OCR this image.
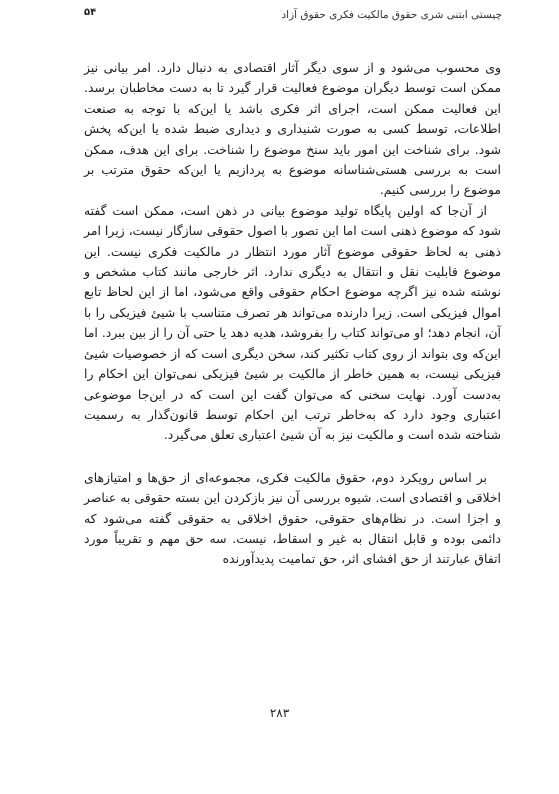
۵۴	چیستی ابتنی شری حقوق مالکیت فکری حقوق آزاد

وی محسوب می‌شود و از سوی دیگر آثار اقتصادی به دنبال دارد. امر بیانی نیز ممکن است توسط دیگران موضوع فعالیت قرار گیرد تا به دست مخاطبان برسد. این فعالیت ممکن است، اجرای اثر فکری باشد یا این‌که با توجه به صنعت اطلاعات، توسط کسی به صورت شنیداری و دیداری ضبط شده یا این‌که پخش شود. برای شناخت این امور باید سنخ موضوع را شناخت. برای این هدف، ممکن است به بررسی هستی‌شناسانه موضوع به پردازیم یا این‌که حقوق مترتب بر موضوع را بررسی کنیم.

از آن‌جا که اولین پایگاه تولید موضوع بیانی در ذهن است، ممکن است گفته شود که موضوع ذهنی است اما این تصور با اصول حقوقی سازگار نیست، زیرا امر ذهنی به لحاظ حقوقی موضوع آثار مورد انتظار در مالکیت فکری نیست. این موضوع قابلیت نقل و انتقال به دیگری ندارد. اثر خارجی مانند کتاب مشخص و نوشته شده نیز اگرچه موضوع احکام حقوقی واقع می‌شود، اما از این لحاظ تابع اموال فیزیکی است. زیرا دارنده می‌تواند هر تصرف متناسب با شیئ فیزیکی را با آن، انجام دهد؛ او می‌تواند کتاب را بفروشد، هدیه دهد یا حتی آن را از بین ببرد. اما این‌که وی بتواند از روی کتاب تکثیر کند، سخن دیگری است که از خصوصیات شیئ فیزیکی نیست، به همین خاطر از مالکیت بر شیئ فیزیکی نمی‌توان این احکام را به‌دست آورد. نهایت سخنی که می‌توان گفت این است که در این‌جا موضوعی اعتباری وجود دارد که به‌خاطر ترتب این احکام توسط قانون‌گذار به رسمیت شناخته شده است و مالکیت نیز به آن شیئ اعتباری تعلق می‌گیرد.

بر اساس رویکرد دوم، حقوق مالکیت فکری، مجموعه‌ای از حق‌ها و امتیازهای اخلاقی و اقتصادی است. شیوه بررسی آن نیز بازکردن این بسته حقوقی به عناصر و اجزا است. در نظام‌های حقوقی، حقوق اخلاقی به حقوقی گفته می‌شود که دائمی بوده و قابل انتقال به غیر و اسقاط، نیست. سه حق مهم و تقریباً مورد اتفاق عبارتند از حق افشای اثر، حق تمامیت پدیدآورنده

۲۸۳
